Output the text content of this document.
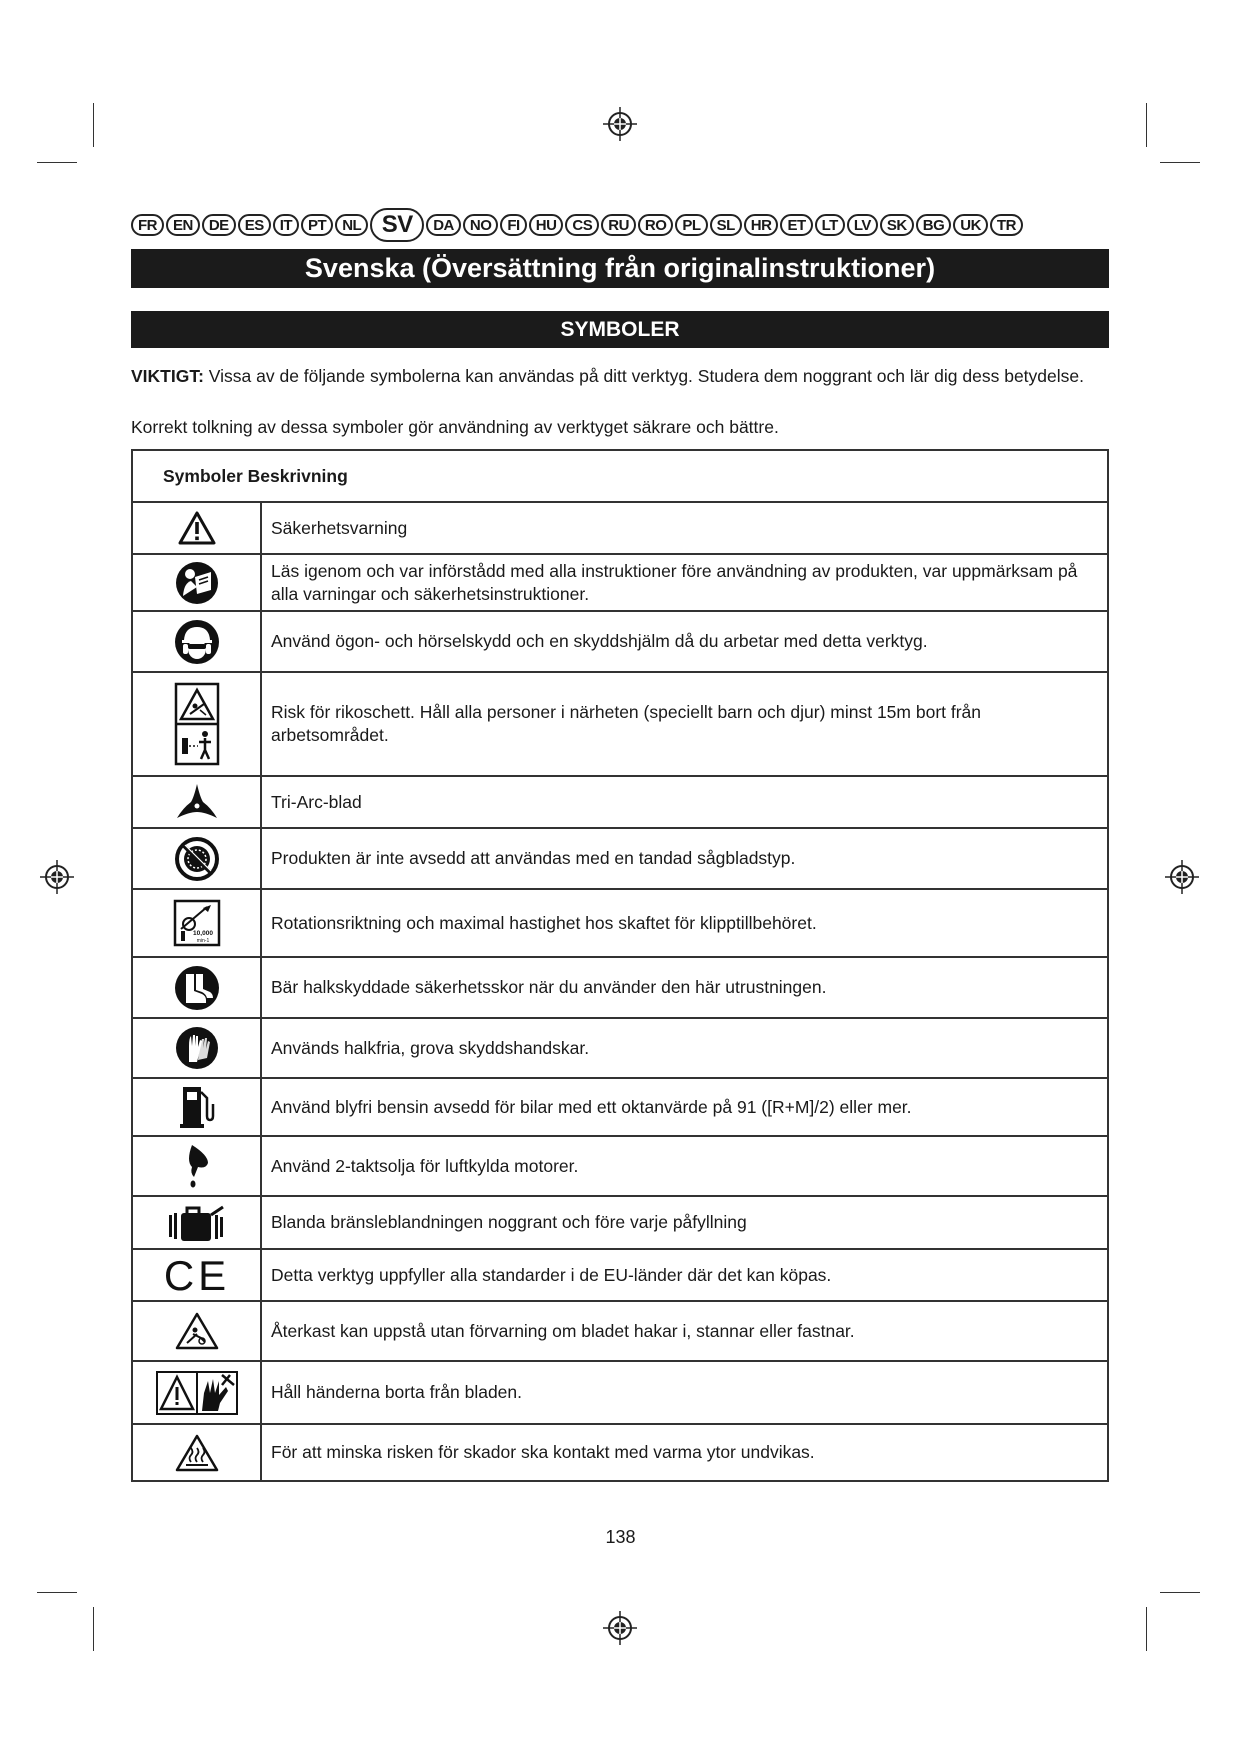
FR	EN	DE	ES	IT	PT	NL SV	DA	NO	FI	HU	CS	RU	RO	PL	SL	HR	ET	LT	LV	SK	BG	UK	TR
Svenska (Översättning från originalinstruktioner)
SYMBOLER
VIKTIGT: Vissa av de följande symbolerna kan användas på ditt verktyg. Studera dem noggrant och lär dig dess betydelse.
Korrekt tolkning av dessa symboler gör användning av verktyget säkrare och bättre.
Symboler Beskrivning	
	Säkerhetsvarning
	Läs igenom och var införstådd med alla instruktioner före användning av produkten, var uppmärksam på alla varningar och säkerhetsinstruktioner.
	Använd ögon- och hörselskydd och en skyddshjälm då du arbetar med detta verktyg.
	Risk för rikoschett. Håll alla personer i närheten (speciellt barn och djur) minst 15m bort från arbetsområdet.
	Tri-Arc-blad
	Produkten är inte avsedd att användas med en tandad sågbladstyp.

10,000
min-1	Rotationsriktning och maximal hastighet hos skaftet för klipptillbehöret.
	Bär halkskyddade säkerhetsskor när du använder den här utrustningen.
	Används halkfria, grova skyddshandskar.
	Använd blyfri bensin avsedd för bilar med ett oktanvärde på 91 ([R+M]/2) eller mer.
	Använd 2-taktsolja för luftkylda motorer.
	Blanda bränsleblandningen noggrant och före varje påfyllning

CE	Detta verktyg uppfyller alla standarder i de EU-länder där det kan köpas.
	Återkast kan uppstå utan förvarning om bladet hakar i, stannar eller fastnar.
	Håll händerna borta från bladen.
	För att minska risken för skador ska kontakt med varma ytor undvikas.
138
